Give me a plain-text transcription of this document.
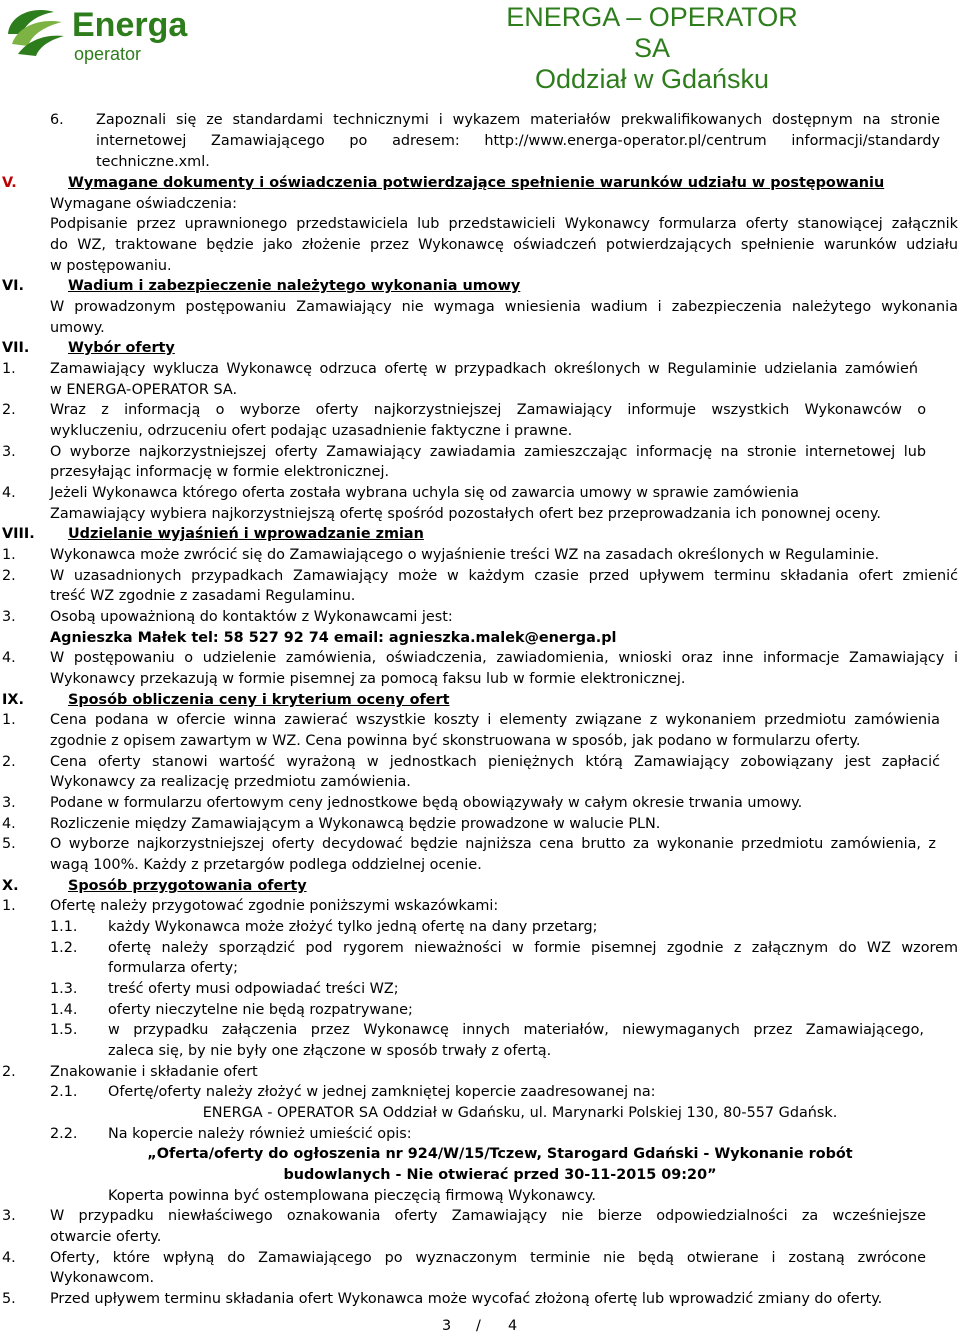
Energa
operator
ENERGA – OPERATOR SA
Oddział w Gdańsku
6. Zapoznali się ze standardami technicznymi i wykazem materiałów prekwalifikowanych dostępnym na stronie
internetowej Zamawiającego po adresem: http://www.energa-operator.pl/centrum informacji/standardy
techniczne.xml.
V.	Wymagane dokumenty i oświadczenia potwierdzające spełnienie warunków udziału w postępowaniu
Wymagane oświadczenia:
Podpisanie przez uprawnionego przedstawiciela lub przedstawicieli Wykonawcy formularza oferty stanowiącej załącznik
do WZ, traktowane będzie jako złożenie przez Wykonawcę oświadczeń potwierdzających spełnienie warunków udziału
w postępowaniu.
VI.	Wadium i zabezpieczenie należytego wykonania umowy
W prowadzonym postępowaniu Zamawiający nie wymaga wniesienia wadium i zabezpieczenia należytego wykonania
umowy.
VII.	Wybór oferty
1. Zamawiający wyklucza Wykonawcę odrzuca ofertę w przypadkach określonych w Regulaminie udzielania zamówień
w ENERGA-OPERATOR SA.
2. Wraz z informacją o wyborze oferty najkorzystniejszej Zamawiający informuje wszystkich Wykonawców o
wykluczeniu, odrzuceniu ofert podając uzasadnienie faktyczne i prawne.
3. O wyborze najkorzystniejszej oferty Zamawiający zawiadamia zamieszczając informację na stronie internetowej lub
przesyłając informację w formie elektronicznej.
4. Jeżeli Wykonawca którego oferta została wybrana uchyla się od zawarcia umowy w sprawie zamówienia
Zamawiający wybiera najkorzystniejszą ofertę spośród pozostałych ofert bez przeprowadzania ich ponownej oceny.
VIII. Udzielanie wyjaśnień i wprowadzanie zmian
1. Wykonawca może zwrócić się do Zamawiającego o wyjaśnienie treści WZ na zasadach określonych w Regulaminie.
2. W uzasadnionych przypadkach Zamawiający może w każdym czasie przed upływem terminu składania ofert zmienić
treść WZ zgodnie z zasadami Regulaminu.
3. Osobą upoważnioną do kontaktów z Wykonawcami jest:
Agnieszka Małek tel: 58 527 92 74 email: agnieszka.malek@energa.pl
4. W postępowaniu o udzielenie zamówienia, oświadczenia, zawiadomienia, wnioski oraz inne informacje Zamawiający i
Wykonawcy przekazują w formie pisemnej za pomocą faksu lub w formie elektronicznej.
IX.	Sposób obliczenia ceny i kryterium oceny ofert
1. Cena podana w ofercie winna zawierać wszystkie koszty i elementy związane z wykonaniem przedmiotu zamówienia
zgodnie z opisem zawartym w WZ. Cena powinna być skonstruowana w sposób, jak podano w formularzu oferty.
2. Cena oferty stanowi wartość wyrażoną w jednostkach pieniężnych którą Zamawiający zobowiązany jest zapłacić
Wykonawcy za realizację przedmiotu zamówienia.
3. Podane w formularzu ofertowym ceny jednostkowe będą obowiązywały w całym okresie trwania umowy.
4. Rozliczenie między Zamawiającym a Wykonawcą będzie prowadzone w walucie PLN.
5. O wyborze najkorzystniejszej oferty decydować będzie najniższa cena brutto za wykonanie przedmiotu zamówienia, z
wagą 100%. Każdy z przetargów podlega oddzielnej ocenie.
X.	Sposób przygotowania oferty
1. Ofertę należy przygotować zgodnie poniższymi wskazówkami:
1.1. każdy Wykonawca może złożyć tylko jedną ofertę na dany przetarg;
1.2. ofertę należy sporządzić pod rygorem nieważności w formie pisemnej zgodnie z załącznym do WZ wzorem
formularza oferty;
1.3. treść oferty musi odpowiadać treści WZ;
1.4. oferty nieczytelne nie będą rozpatrywane;
1.5. w przypadku załączenia przez Wykonawcę innych materiałów, niewymaganych przez Zamawiającego,
zaleca się, by nie były one złączone w sposób trwały z ofertą.
2. Znakowanie i składanie ofert
2.1. Ofertę/oferty należy złożyć w jednej zamkniętej kopercie zaadresowanej na:
ENERGA - OPERATOR SA Oddział w Gdańsku, ul. Marynarki Polskiej 130, 80-557 Gdańsk.
2.2. Na kopercie należy również umieścić opis:
„Oferta/oferty do ogłoszenia nr 924/W/15/Tczew, Starogard Gdański - Wykonanie robót
budowlanych - Nie otwierać przed 30-11-2015 09:20”
Koperta powinna być ostemplowana pieczęcią firmową Wykonawcy.
3. W przypadku niewłaściwego oznakowania oferty Zamawiający nie bierze odpowiedzialności za wcześniejsze
otwarcie oferty.
4. Oferty, które wpłyną do Zamawiającego po wyznaczonym terminie nie będą otwierane i zostaną zwrócone
Wykonawcom.
5. Przed upływem terminu składania ofert Wykonawca może wycofać złożoną ofertę lub wprowadzić zmiany do oferty.
3 / 4
